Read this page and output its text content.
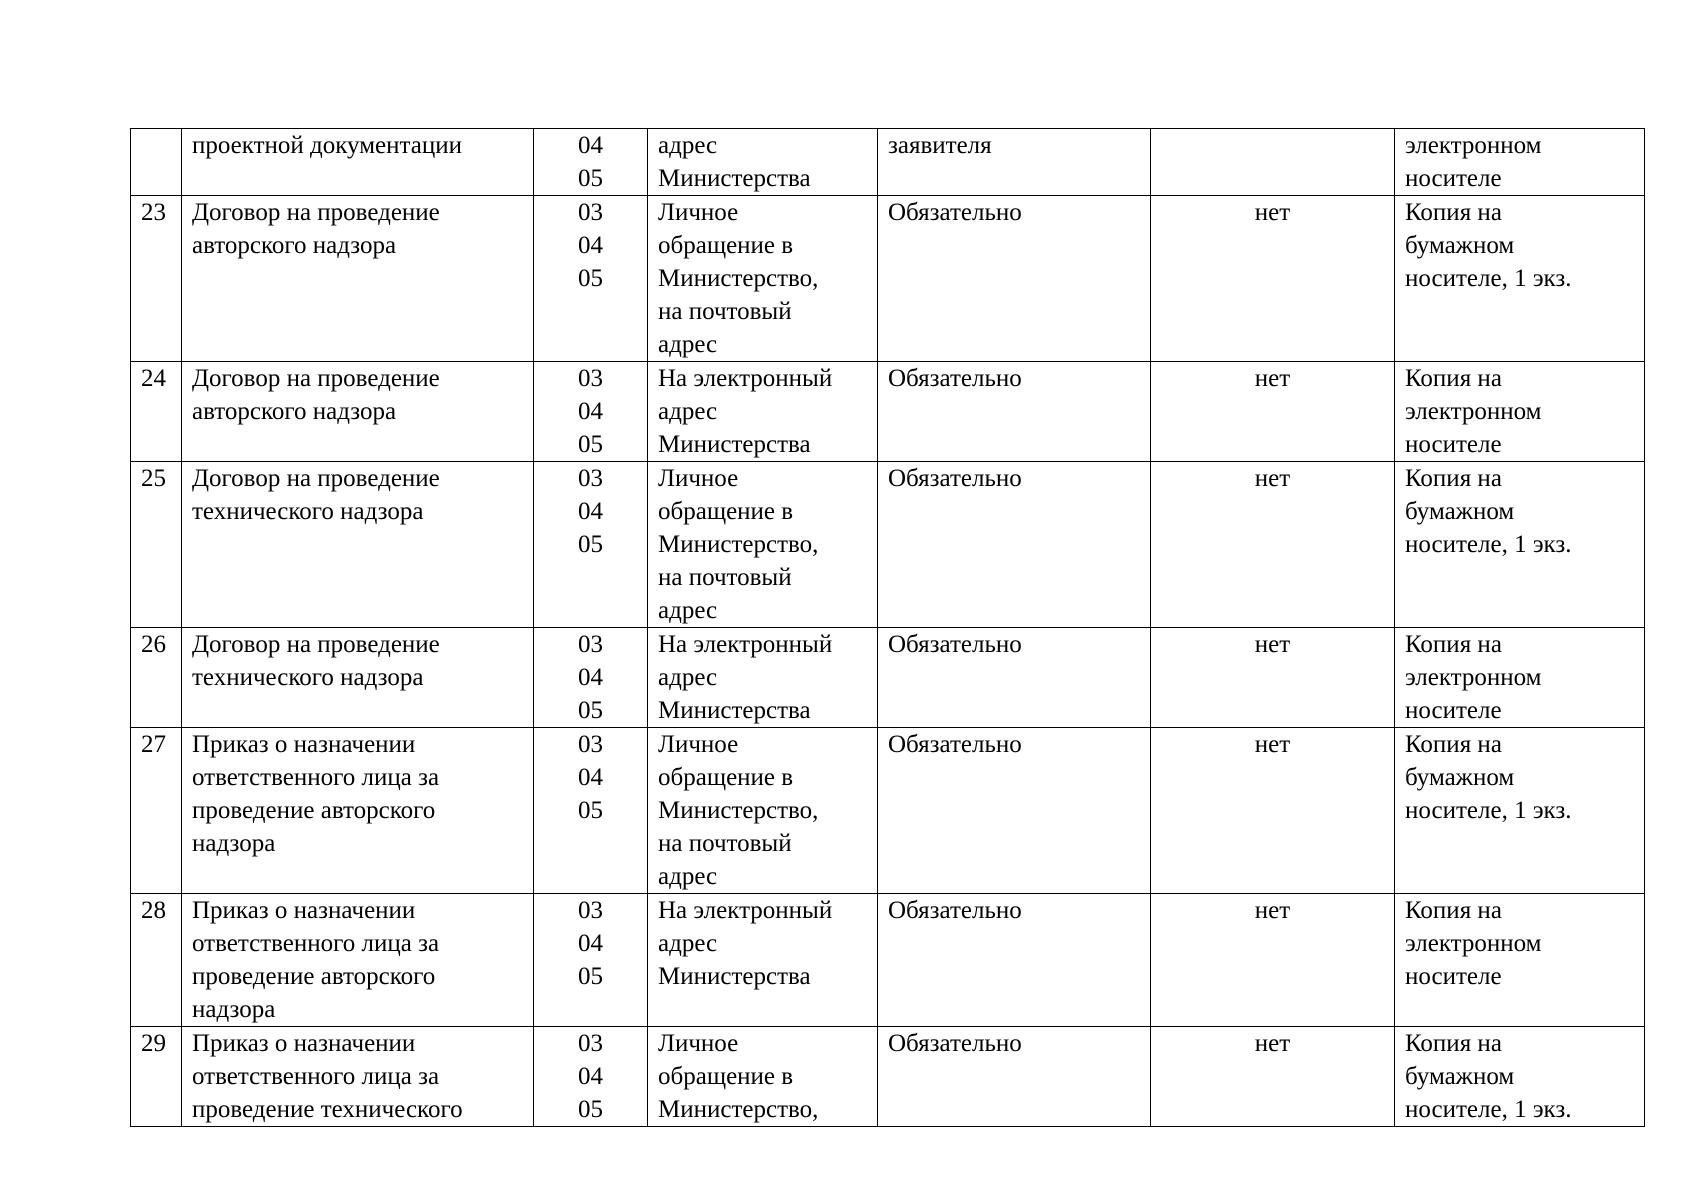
	проектной документации	04
05	адрес
Министерства	заявителя		электронном
носителе
23	Договор на проведение
авторского надзора	03
04
05	Личное
обращение в
Министерство,
на почтовый
адрес	Обязательно	нет	Копия на
бумажном
носителе, 1 экз.
24	Договор на проведение
авторского надзора	03
04
05	На электронный
адрес
Министерства	Обязательно	нет	Копия на
электронном
носителе
25	Договор на проведение
технического надзора	03
04
05	Личное
обращение в
Министерство,
на почтовый
адрес	Обязательно	нет	Копия на
бумажном
носителе, 1 экз.
26	Договор на проведение
технического надзора	03
04
05	На электронный
адрес
Министерства	Обязательно	нет	Копия на
электронном
носителе
27	Приказ о назначении
ответственного лица за
проведение авторского
надзора	03
04
05	Личное
обращение в
Министерство,
на почтовый
адрес	Обязательно	нет	Копия на
бумажном
носителе, 1 экз.
28	Приказ о назначении
ответственного лица за
проведение авторского
надзора	03
04
05	На электронный
адрес
Министерства	Обязательно	нет	Копия на
электронном
носителе
29	Приказ о назначении
ответственного лица за
проведение технического	03
04
05	Личное
обращение в
Министерство,	Обязательно	нет	Копия на
бумажном
носителе, 1 экз.
